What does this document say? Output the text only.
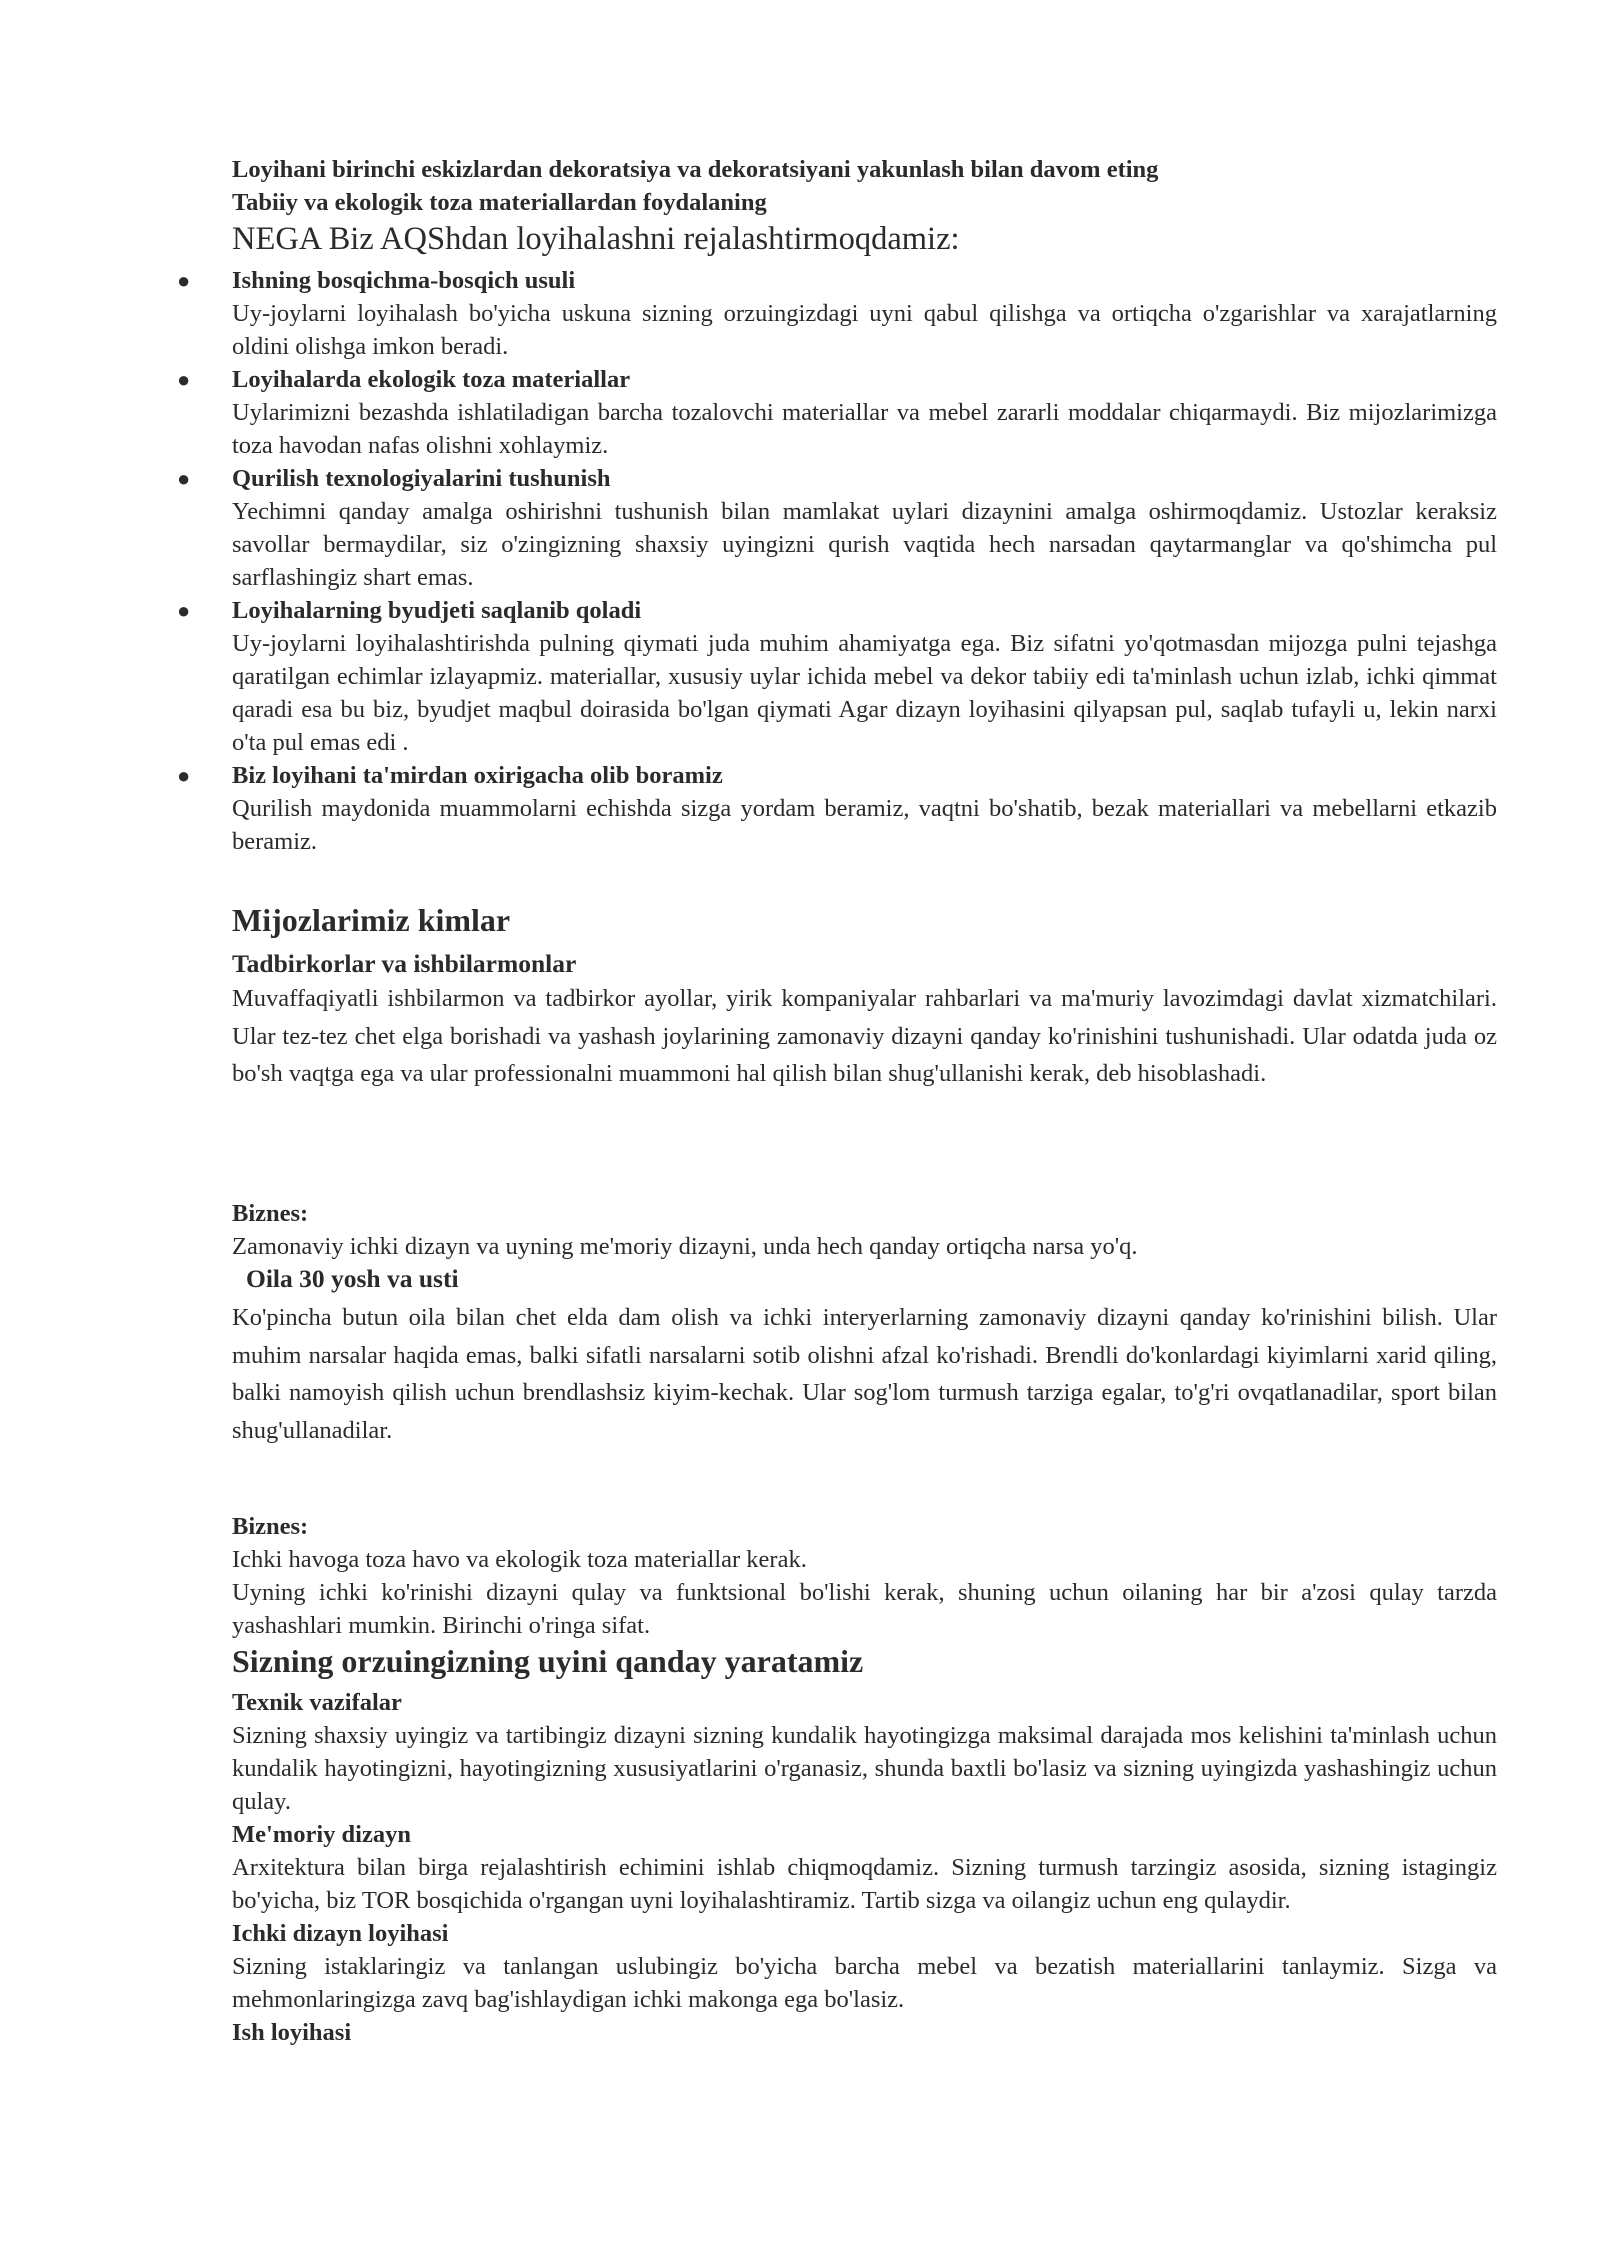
Loyihani birinchi eskizlardan dekoratsiya va dekoratsiyani yakunlash bilan davom eting

Tabiiy va ekologik toza materiallardan foydalaning

NEGA Biz AQShdan loyihalashni rejalashtirmoqdamiz:
● Ishning bosqichma-bosqich usuli

Uy-joylarni loyihalash bo'yicha uskuna sizning orzuingizdagi uyni qabul qilishga va ortiqcha o'zgarishlar va xarajatlarning oldini olishga imkon beradi.

● Loyihalarda ekologik toza materiallar

Uylarimizni bezashda ishlatiladigan barcha tozalovchi materiallar va mebel zararli moddalar chiqarmaydi. Biz mijozlarimizga toza havodan nafas olishni xohlaymiz.

● Qurilish texnologiyalarini tushunish

Yechimni qanday amalga oshirishni tushunish bilan mamlakat uylari dizaynini amalga oshirmoqdamiz. Ustozlar keraksiz savollar bermaydilar, siz o'zingizning shaxsiy uyingizni qurish vaqtida hech narsadan qaytarmanglar va qo'shimcha pul sarflashingiz shart emas.

● Loyihalarning byudjeti saqlanib qoladi

Uy-joylarni loyihalashtirishda pulning qiymati juda muhim ahamiyatga ega. Biz sifatni yo'qotmasdan mijozga pulni tejashga qaratilgan echimlar izlayapmiz. materiallar, xususiy uylar ichida mebel va dekor tabiiy edi ta'minlash uchun izlab, ichki qimmat qaradi esa bu biz, byudjet maqbul doirasida bo'lgan qiymati Agar dizayn loyihasini qilyapsan pul, saqlab tufayli u, lekin narxi o'ta pul emas edi .

● Biz loyihani ta'mirdan oxirigacha olib boramiz

Qurilish maydonida muammolarni echishda sizga yordam beramiz, vaqtni bo'shatib, bezak materiallari va mebellarni etkazib beramiz.

Mijozlarimiz kimlar

Tadbirkorlar va ishbilarmonlar

Muvaffaqiyatli ishbilarmon va tadbirkor ayollar, yirik kompaniyalar rahbarlari va ma'muriy lavozimdagi davlat xizmatchilari. Ular tez-tez chet elga borishadi va yashash joylarining zamonaviy dizayni qanday ko'rinishini tushunishadi. Ular odatda juda oz bo'sh vaqtga ega va ular professionalni muammoni hal qilish bilan shug'ullanishi kerak, deb hisoblashadi.

Biznes:

Zamonaviy ichki dizayn va uyning me'moriy dizayni, unda hech qanday ortiqcha narsa yo'q.

Oila 30 yosh va usti

Ko'pincha butun oila bilan chet elda dam olish va ichki interyerlarning zamonaviy dizayni qanday ko'rinishini bilish. Ular muhim narsalar haqida emas, balki sifatli narsalarni sotib olishni afzal ko'rishadi. Brendli do'konlardagi kiyimlarni xarid qiling, balki namoyish qilish uchun brendlashsiz kiyim-kechak. Ular sog'lom turmush tarziga egalar, to'g'ri ovqatlanadilar, sport bilan shug'ullanadilar.

Biznes:

Ichki havoga toza havo va ekologik toza materiallar kerak.

Uyning ichki ko'rinishi dizayni qulay va funktsional bo'lishi kerak, shuning uchun oilaning har bir a'zosi qulay tarzda yashashlari mumkin. Birinchi o'ringa sifat.

Sizning orzuingizning uyini qanday yaratamiz

Texnik vazifalar

Sizning shaxsiy uyingiz va tartibingiz dizayni sizning kundalik hayotingizga maksimal darajada mos kelishini ta'minlash uchun kundalik hayotingizni, hayotingizning xususiyatlarini o'rganasiz, shunda baxtli bo'lasiz va sizning uyingizda yashashingiz uchun qulay.

Me'moriy dizayn

Arxitektura bilan birga rejalashtirish echimini ishlab chiqmoqdamiz. Sizning turmush tarzingiz asosida, sizning istagingiz bo'yicha, biz TOR bosqichida o'rgangan uyni loyihalashtiramiz. Tartib sizga va oilangiz uchun eng qulaydir.

Ichki dizayn loyihasi

Sizning istaklaringiz va tanlangan uslubingiz bo'yicha barcha mebel va bezatish materiallarini tanlaymiz. Sizga va mehmonlaringizga zavq bag'ishlaydigan ichki makonga ega bo'lasiz.

Ish loyihasi
